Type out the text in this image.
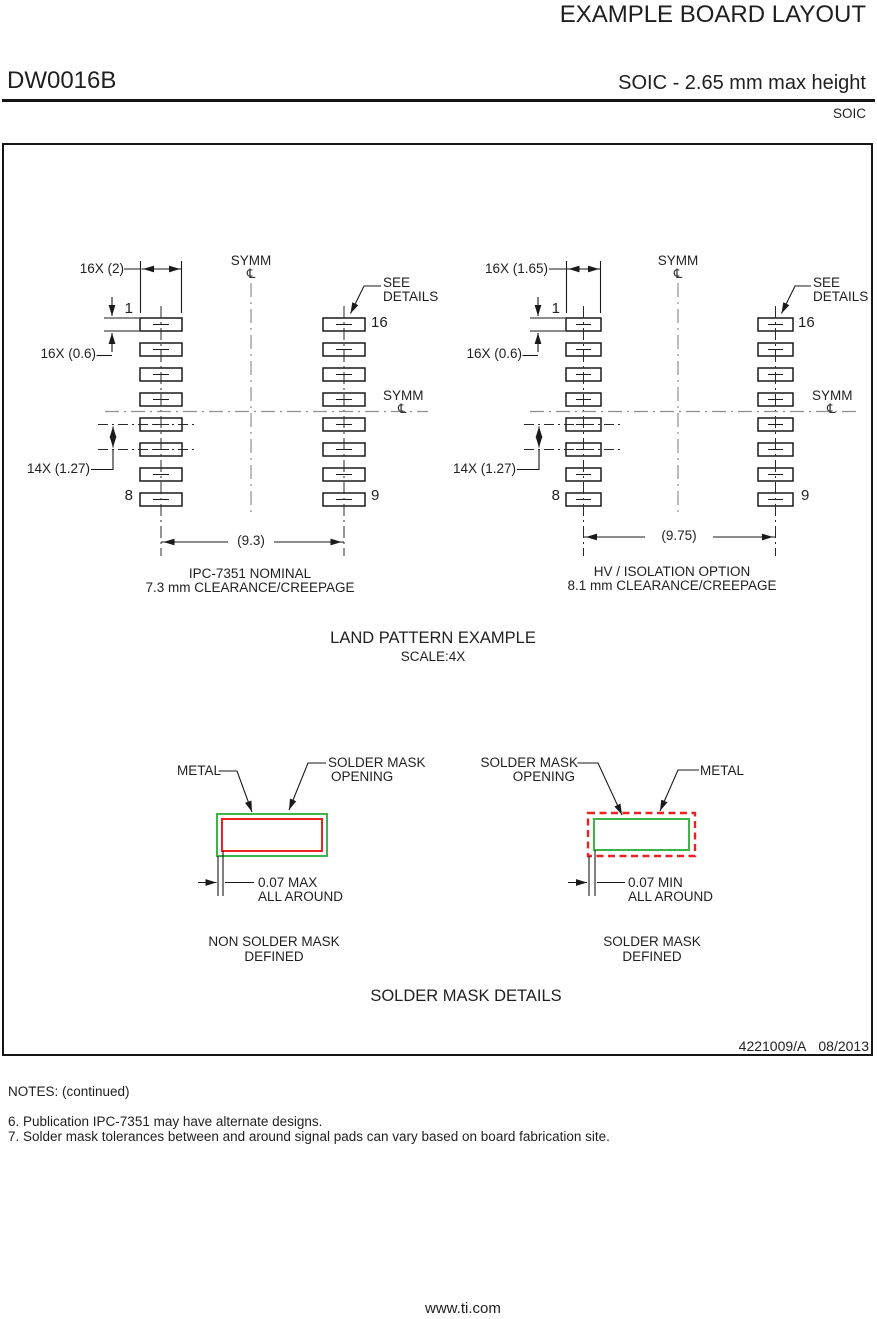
EXAMPLE BOARD LAYOUT
DW0016B	SOIC - 2.65 mm max height
SOIC
16X (2)
SYMM
℄
SEE
DETAILS
1
16
16X (0.6)
SYMM
℄
14X (1.27)
8	9
(9.3)
IPC-7351 NOMINAL
7.3 mm CLEARANCE/CREEPAGE
16X (1.65)
SYMM
℄
SEE
DETAILS
1
16
16X (0.6)
SYMM
℄
14X (1.27)
8	9
(9.75)
HV / ISOLATION OPTION
8.1 mm CLEARANCE/CREEPAGE
LAND PATTERN EXAMPLE
SCALE:4X
METAL
SOLDER MASK
OPENING
0.07 MAX
ALL AROUND
NON SOLDER MASK
DEFINED
SOLDER MASK
OPENING	METAL
0.07 MIN
ALL AROUND
SOLDER MASK
DEFINED
SOLDER MASK DETAILS
4221009/A 08/2013
NOTES: (continued)
6. Publication IPC-7351 may have alternate designs.
7. Solder mask tolerances between and around signal pads can vary based on board fabrication site.
www.ti.com
